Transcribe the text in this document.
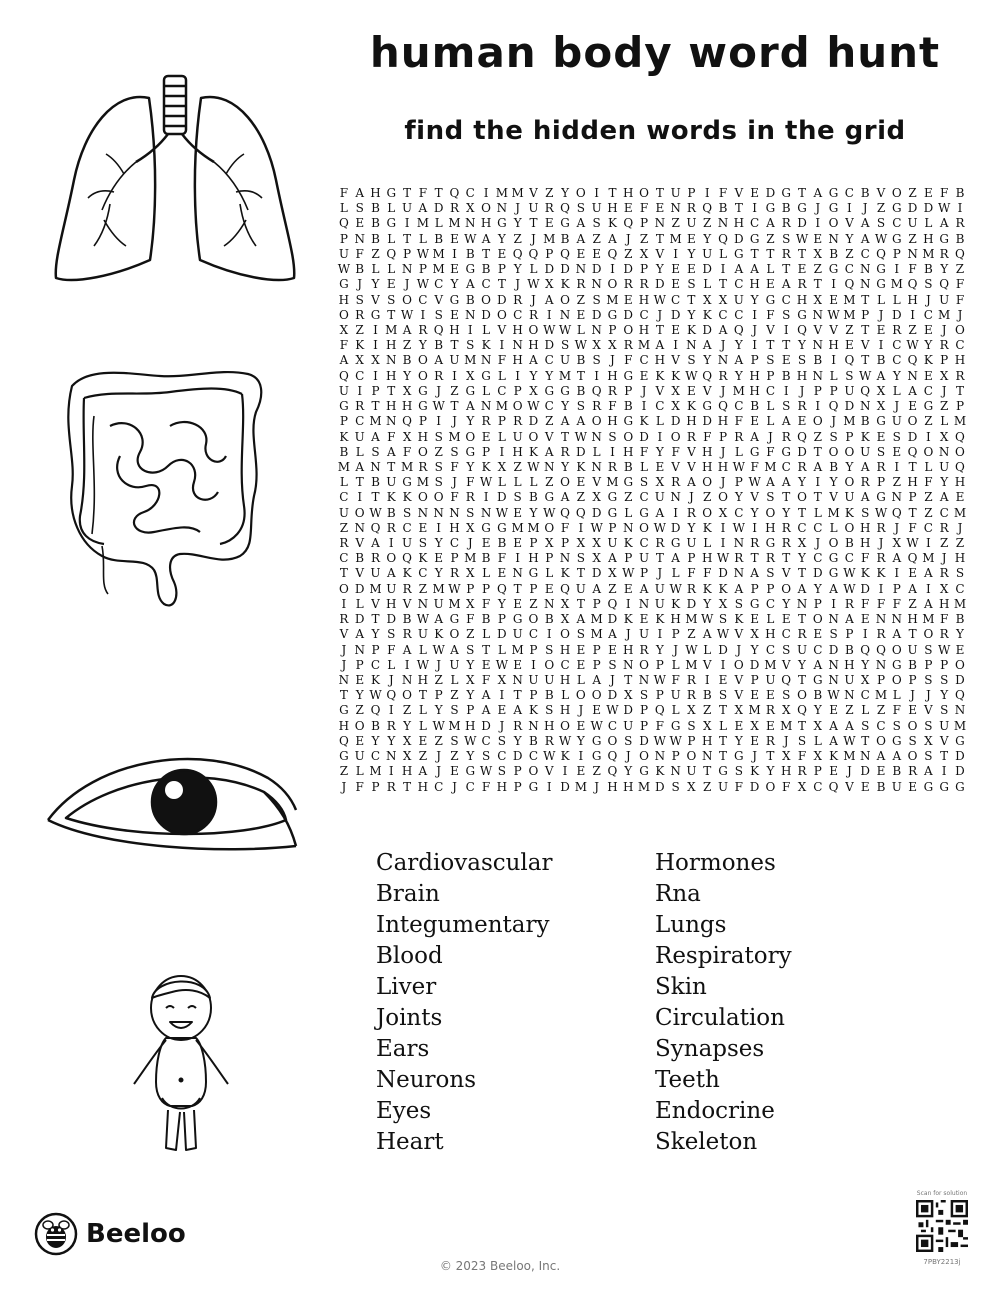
human body word hunt
find the hidden words in the grid
F A H G T F T Q C I M M V Z Y O I T H O T U P I F V E D G T A G C B V O Z E F B
L S B L U A D R X O N J U R Q S U H E F E N R Q B T I G B G J G I J Z G D D W I
Q E B G I M L M N H G Y T E G A S K Q P N Z U Z N H C A R D I O V A S C U L A R
P N B L T L B E W A Y Z J M B A Z A J Z T M E Y Q D G Z S W E N Y A W G Z H G B
U F Z Q P W M I B T E Q Q P Q E E Q Z X V I Y U L G T T R T X B Z C Q P N M R Q
W B L L N P M E G B P Y L D D N D I D P Y E E D I A A L T E Z G C N G I F B Y Z
G J Y E J W C Y A C T J W X K R N O R R D E S L T C H E A R T I Q N G M Q S Q F
H S V S O C V G B O D R J A O Z S M E H W C T X X U Y G C H X E M T L L H J U F
O R G T W I S E N D O C R I N E D G D C J D Y K C C I F S G N W M P J D I C M J
X Z I M A R Q H I L V H O W W L N P O H T E K D A Q J V I Q V V Z T E R Z E J O
F K I H Z Y B T S K I N H D S W X X R M A I N A J Y I T T Y N H E V I C W Y R C
A X X N B O A U M N F H A C U B S J F C H V S Y N A P S E S B I Q T B C Q K P H
Q C I H Y O R I X G L I Y Y M T I H G E K K W Q R Y H P B H N L S W A Y N E X R
U I P T X G J Z G L C P X G G B Q R P J V X E V J M H C I J P P U Q X L A C J T
G R T H H G W T A N M O W C Y S R F B I C X K G Q C B L S R I Q D N X J E G Z P
P C M N Q P I J Y R P R D Z A A O H G K L D H D H F E L A E O J M B G U O Z L M
K U A F X H S M O E L U O V T W N S O D I O R F P R A J R Q Z S P K E S D I X Q
B L S A F O Z S G P I H K A R D L I H F Y F V H J L G F G D T O O U S E Q O N O
M A N T M R S F Y K X Z W N Y K N R B L E V V H H W F M C R A B Y A R I T L U Q
L T B U G M S J F W L L L Z O E V M G S X R A O J P W A A Y I Y O R P Z H F Y H
C I T K K O O F R I D S B G A Z X G Z C U N J Z O Y V S T O T V U A G N P Z A E
U O W B S N N N S N W E Y W Q Q D G L G A I R O X C Y O Y T L M K S W Q T Z C M
Z N Q R C E I H X G G M M O F I W P N O W D Y K I W I H R C C L O H R J F C R J
R V A I U S Y C J E B E P X P X X U K C R G U L I N R G R X J O B H J X W I Z Z
C B R O Q K E P M B F I H P N S X A P U T A P H W R T R T Y C G C F R A Q M J H
T V U A K C Y R X L E N G L K T D X W P J L F F D N A S V T D G W K K I E A R S
O D M U R Z M W P P Q T P E Q U A Z E A U W R K K A P P O A Y A W D I P A I X C
I L V H V N U M X F Y E Z N X T P Q I N U K D Y X S G C Y N P I R F F F Z A H M
R D T D B W A G F B P G O B X A M D K E K H M W S K E L E T O N A E N N H M F B
V A Y S R U K O Z L D U C I O S M A J U I P Z A W V X H C R E S P I R A T O R Y
J N P F A L W A S T L M P S H E P E H R Y J W L D J Y C S U C D B Q Q O U S W E
J P C L I W J U Y E W E I O C E P S N O P L M V I O D M V Y A N H Y N G B P P O
N E K J N H Z L X F X N U U H L A J T N W F R I E V P U Q T G N U X P O P S S D
T Y W Q O T P Z Y A I T P B L O O D X S P U R B S V E E S O B W N C M L J J Y Q
G Z Q I Z L Y S P A E A K S H J E W D P Q L X Z T X M R X Q Y E Z L Z F E V S N
H O B R Y L W M H D J R N H O E W C U P F G S X L E X E M T X A A S C S O S U M
Q E Y Y X E Z S W C S Y B R W Y G O S D W W P H T Y E R J S L A W T O G S X V G
G U C N X Z J Z Y S C D C W K I G Q J O N P O N T G J T X F X K M N A A O S T D
Z L M I H A J E G W S P O V I E Z Q Y G K N U T G S K Y H R P E J D E B R A I D
J F P R T H C J C F H P G I D M J H H M D S X Z U F D O F X C Q V E B U E G G G
Cardiovascular
Brain
Integumentary
Blood
Liver
Joints
Ears
Neurons
Eyes
Heart
Hormones
Rna
Lungs
Respiratory
Skin
Circulation
Synapses
Teeth
Endocrine
Skeleton
Beeloo
© 2023 Beeloo, Inc.
Scan for solution
7PBY2213j
